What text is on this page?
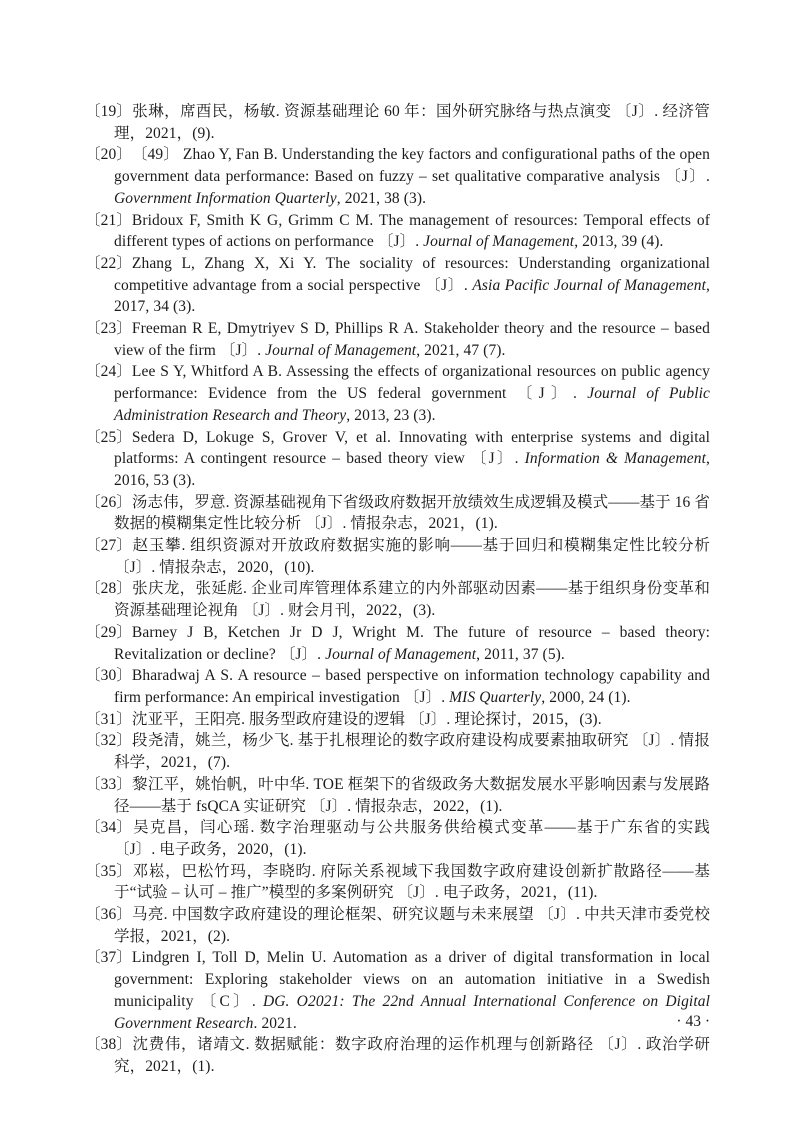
〔19〕张琳，席酉民，杨敏. 资源基础理论 60 年：国外研究脉络与热点演变 〔J〕. 经济管理，2021，(9).

〔20〕〔49〕 Zhao Y, Fan B. Understanding the key factors and configurational paths of the open government data performance: Based on fuzzy – set qualitative comparative analysis 〔J〕. Government Information Quarterly, 2021, 38 (3).

〔21〕Bridoux F, Smith K G, Grimm C M. The management of resources: Temporal effects of different types of actions on performance 〔J〕. Journal of Management, 2013, 39 (4).

〔22〕Zhang L, Zhang X, Xi Y. The sociality of resources: Understanding organizational competitive advantage from a social perspective 〔J〕. Asia Pacific Journal of Management, 2017, 34 (3).

〔23〕Freeman R E, Dmytriyev S D, Phillips R A. Stakeholder theory and the resource – based view of the firm 〔J〕. Journal of Management, 2021, 47 (7).

〔24〕Lee S Y, Whitford A B. Assessing the effects of organizational resources on public agency performance: Evidence from the US federal government 〔J〕. Journal of Public Administration Research and Theory, 2013, 23 (3).

〔25〕Sedera D, Lokuge S, Grover V, et al. Innovating with enterprise systems and digital platforms: A contingent resource – based theory view 〔J〕. Information & Management, 2016, 53 (3).

〔26〕汤志伟，罗意. 资源基础视角下省级政府数据开放绩效生成逻辑及模式——基于 16 省数据的模糊集定性比较分析 〔J〕. 情报杂志，2021，(1).

〔27〕赵玉攀. 组织资源对开放政府数据实施的影响——基于回归和模糊集定性比较分析 〔J〕. 情报杂志，2020，(10).

〔28〕张庆龙，张延彪. 企业司库管理体系建立的内外部驱动因素——基于组织身份变革和资源基础理论视角 〔J〕. 财会月刊，2022，(3).

〔29〕Barney J B, Ketchen Jr D J, Wright M. The future of resource – based theory: Revitalization or decline? 〔J〕. Journal of Management, 2011, 37 (5).

〔30〕Bharadwaj A S. A resource – based perspective on information technology capability and firm performance: An empirical investigation 〔J〕. MIS Quarterly, 2000, 24 (1).

〔31〕沈亚平，王阳亮. 服务型政府建设的逻辑 〔J〕. 理论探讨，2015，(3).

〔32〕段尧清，姚兰，杨少飞. 基于扎根理论的数字政府建设构成要素抽取研究 〔J〕. 情报科学，2021，(7).

〔33〕黎江平，姚怡帆，叶中华. TOE 框架下的省级政务大数据发展水平影响因素与发展路径——基于 fsQCA 实证研究 〔J〕. 情报杂志，2022，(1).

〔34〕吴克昌，闫心瑶. 数字治理驱动与公共服务供给模式变革——基于广东省的实践 〔J〕. 电子政务，2020，(1).

〔35〕邓崧，巴松竹玛，李晓昀. 府际关系视域下我国数字政府建设创新扩散路径——基于“试验 – 认可 – 推广”模型的多案例研究 〔J〕. 电子政务，2021，(11).

〔36〕马亮. 中国数字政府建设的理论框架、研究议题与未来展望 〔J〕. 中共天津市委党校学报，2021，(2).

〔37〕Lindgren I, Toll D, Melin U. Automation as a driver of digital transformation in local government: Exploring stakeholder views on an automation initiative in a Swedish municipality 〔C〕. DG. O2021: The 22nd Annual International Conference on Digital Government Research. 2021.

〔38〕沈费伟，诸靖文. 数据赋能：数字政府治理的运作机理与创新路径 〔J〕. 政治学研究，2021，(1).

· 43 ·
